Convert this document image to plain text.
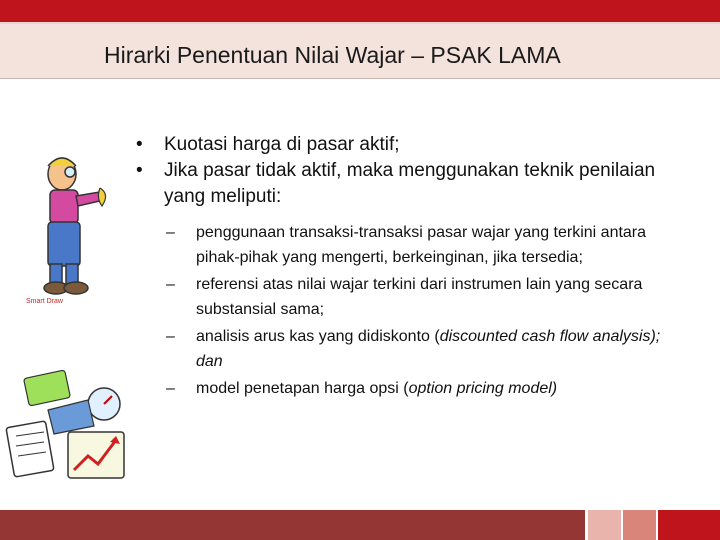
Hirarki Penentuan Nilai Wajar – PSAK LAMA
Smart Draw
• Kuotasi harga di pasar aktif;
• Jika pasar tidak aktif, maka menggunakan teknik penilaian yang meliputi:
– penggunaan transaksi-transaksi pasar wajar yang terkini antara pihak-pihak yang mengerti, berkeinginan, jika tersedia;
– referensi atas nilai wajar terkini dari instrumen lain yang secara substansial sama;
– analisis arus kas yang didiskonto (discounted cash flow analysis); dan
– model penetapan harga opsi (option pricing model)
